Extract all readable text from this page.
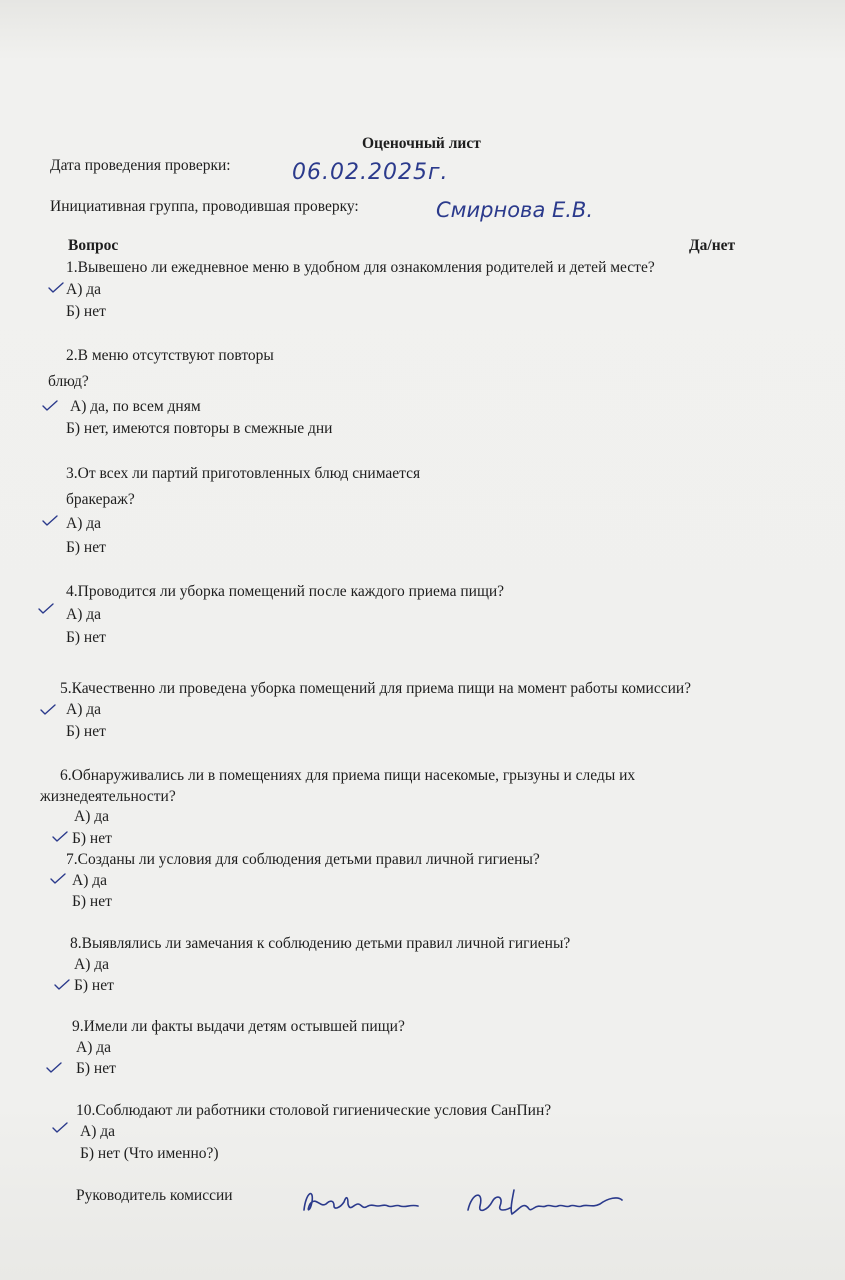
Оценочный лист
Дата проведения проверки:	06.02.2025г.
Инициативная группа, проводившая проверку:	Смирнова Е.В.
Вопрос	Да/нет
1.Вывешено ли ежедневное меню в удобном для ознакомления родителей и детей месте?
А) да
Б) нет
2.В меню отсутствуют повторы
блюд?
А) да, по всем дням
Б) нет, имеются повторы в смежные дни
3.От всех ли партий приготовленных блюд снимается
бракераж?
А) да
Б) нет
4.Проводится ли уборка помещений после каждого приема пищи?
А) да
Б) нет
5.Качественно ли проведена уборка помещений для приема пищи на момент работы комиссии?
А) да
Б) нет
6.Обнаруживались ли в помещениях для приема пищи насекомые, грызуны и следы их
жизнедеятельности?
А) да
Б) нет
7.Созданы ли условия для соблюдения детьми правил личной гигиены?
А) да
Б) нет
8.Выявлялись ли замечания к соблюдению детьми правил личной гигиены?
А) да
Б) нет
9.Имели ли факты выдачи детям остывшей пищи?
А) да
Б) нет
10.Соблюдают ли работники столовой гигиенические условия СанПин?
А) да
Б) нет (Что именно?)
Руководитель комиссии
